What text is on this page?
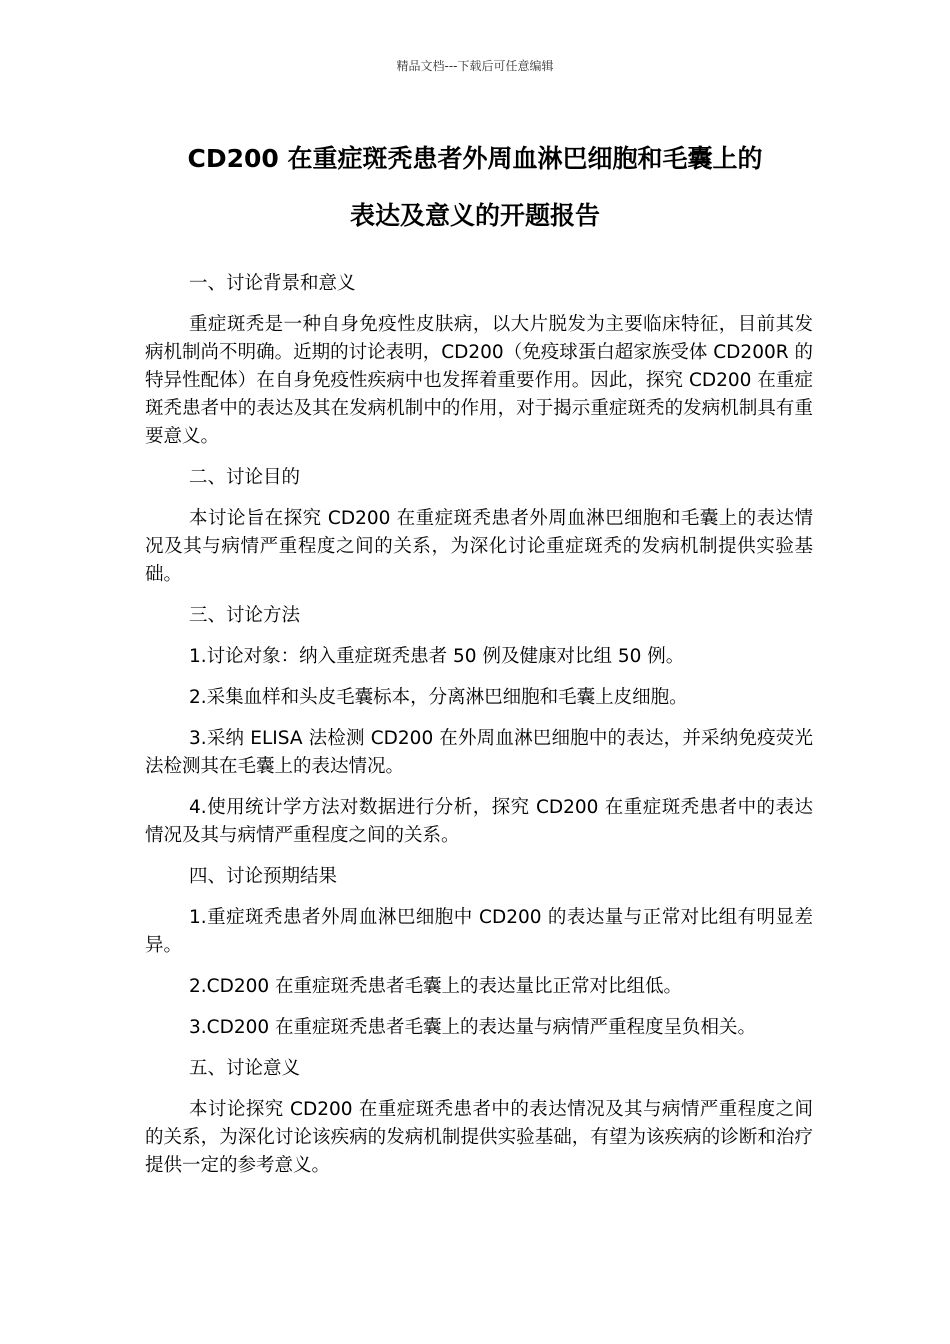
精品文档---下载后可任意编辑
CD200 在重症斑秃患者外周血淋巴细胞和毛囊上的
表达及意义的开题报告

一、讨论背景和意义

重症斑秃是一种自身免疫性皮肤病，以大片脱发为主要临床特征，目前其发病机制尚不明确。近期的讨论表明，CD200（免疫球蛋白超家族受体 CD200R 的特异性配体）在自身免疫性疾病中也发挥着重要作用。因此，探究 CD200 在重症斑秃患者中的表达及其在发病机制中的作用，对于揭示重症斑秃的发病机制具有重要意义。

二、讨论目的

本讨论旨在探究 CD200 在重症斑秃患者外周血淋巴细胞和毛囊上的表达情况及其与病情严重程度之间的关系，为深化讨论重症斑秃的发病机制提供实验基础。

三、讨论方法

1.讨论对象：纳入重症斑秃患者 50 例及健康对比组 50 例。

2.采集血样和头皮毛囊标本，分离淋巴细胞和毛囊上皮细胞。

3.采纳 ELISA 法检测 CD200 在外周血淋巴细胞中的表达，并采纳免疫荧光法检测其在毛囊上的表达情况。

4.使用统计学方法对数据进行分析，探究 CD200 在重症斑秃患者中的表达情况及其与病情严重程度之间的关系。

四、讨论预期结果

1.重症斑秃患者外周血淋巴细胞中 CD200 的表达量与正常对比组有明显差异。

2.CD200 在重症斑秃患者毛囊上的表达量比正常对比组低。

3.CD200 在重症斑秃患者毛囊上的表达量与病情严重程度呈负相关。

五、讨论意义

本讨论探究 CD200 在重症斑秃患者中的表达情况及其与病情严重程度之间的关系，为深化讨论该疾病的发病机制提供实验基础，有望为该疾病的诊断和治疗提供一定的参考意义。
